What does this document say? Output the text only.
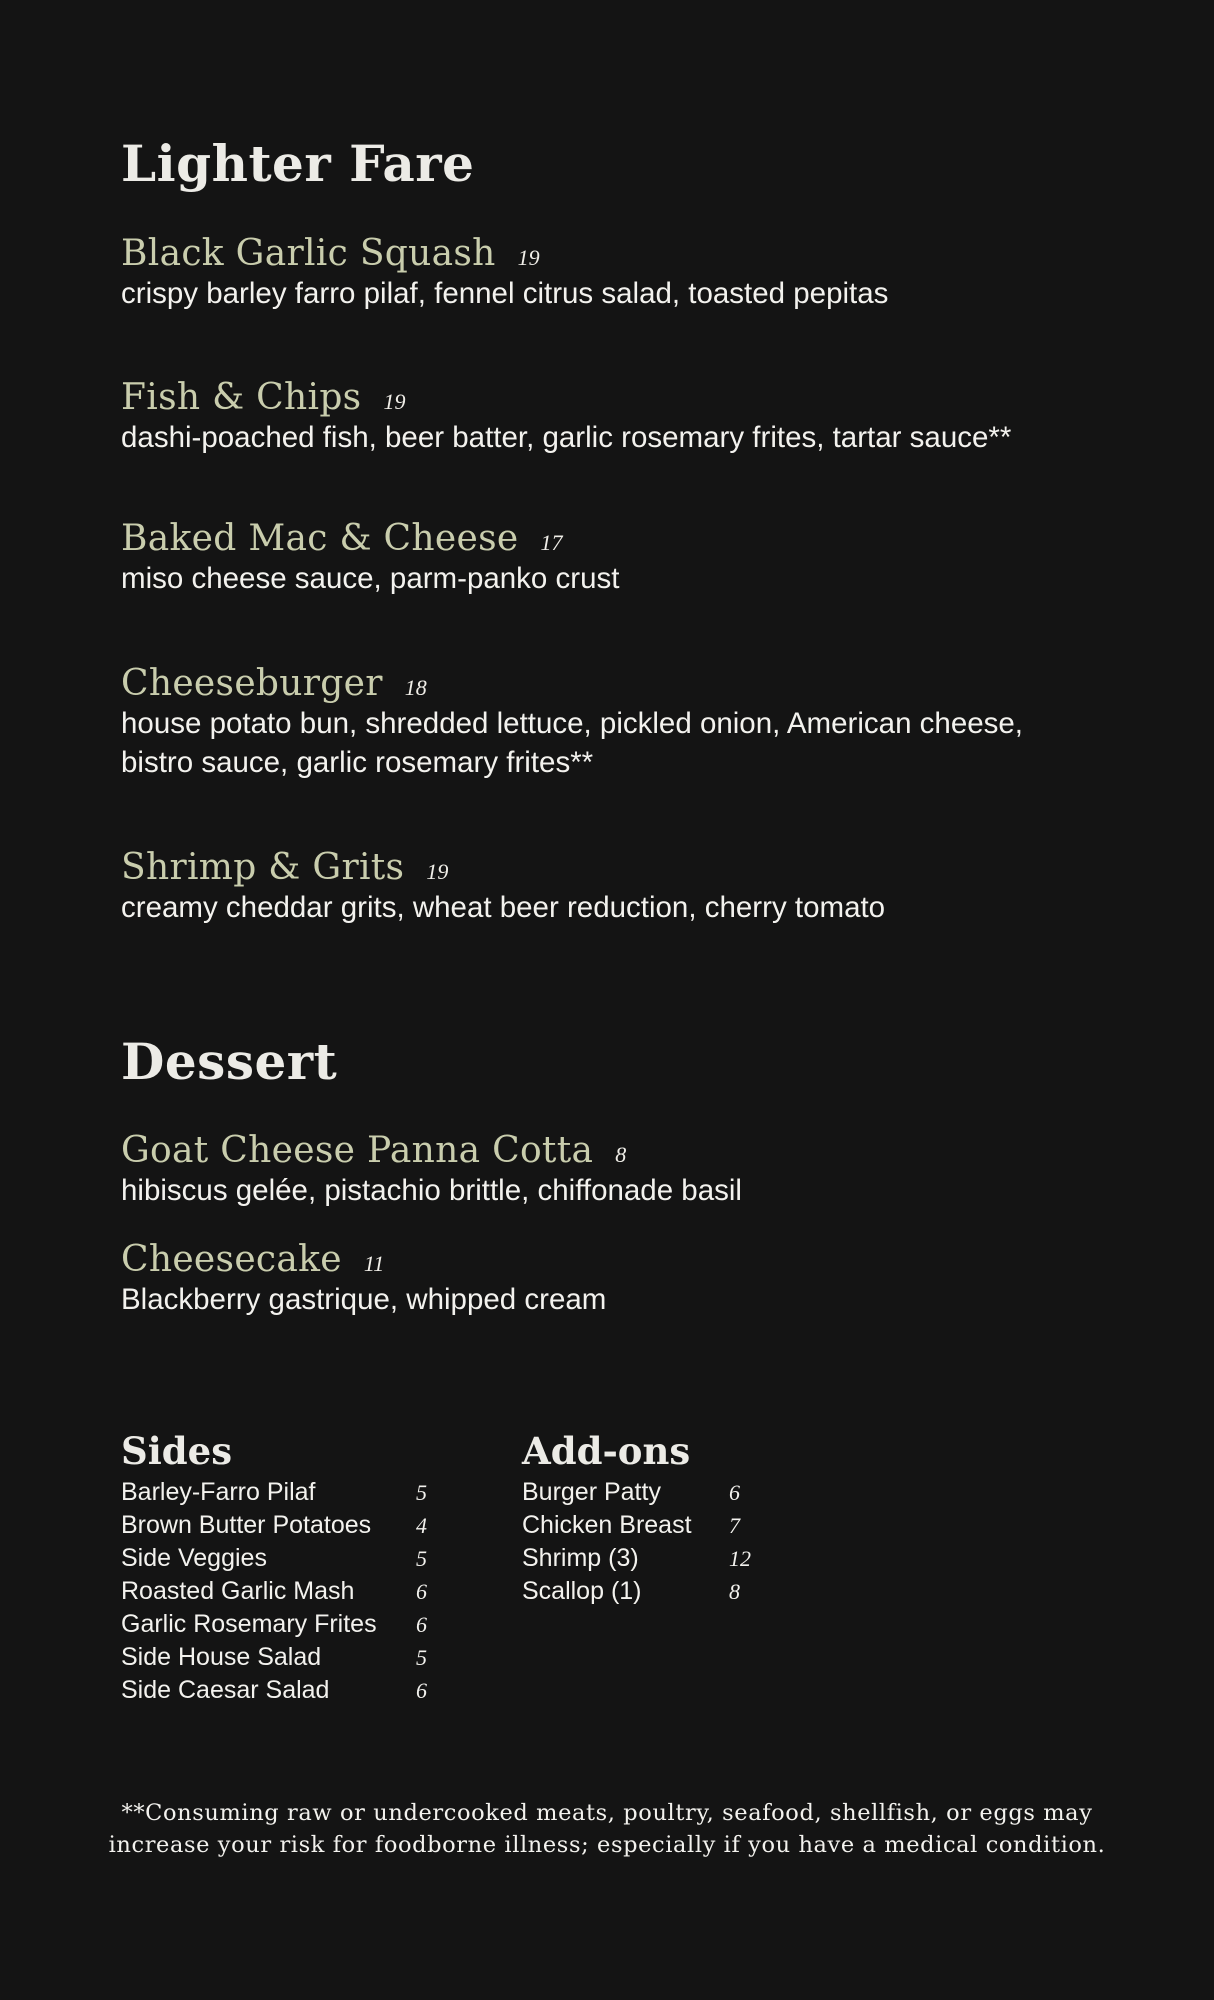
Lighter Fare
Black Garlic Squash 19
crispy barley farro pilaf, fennel citrus salad, toasted pepitas
Fish & Chips 19
dashi-poached fish, beer batter, garlic rosemary frites, tartar sauce**
Baked Mac & Cheese 17
miso cheese sauce, parm-panko crust
Cheeseburger 18
house potato bun, shredded lettuce, pickled onion, American cheese,
bistro sauce, garlic rosemary frites**
Shrimp & Grits 19
creamy cheddar grits, wheat beer reduction, cherry tomato
Dessert
Goat Cheese Panna Cotta 8
hibiscus gelée, pistachio brittle, chiffonade basil
Cheesecake 11
Blackberry gastrique, whipped cream
Sides
Barley-Farro Pilaf	5
Brown Butter Potatoes 4
Side Veggies	5
Roasted Garlic Mash	6
Garlic Rosemary Frites 6
Side House Salad	5
Side Caesar Salad	6
Add-ons
Burger Patty	6
Chicken Breast 7
Shrimp (3)	12
Scallop (1)	8
**Consuming raw or undercooked meats, poultry, seafood, shellfish, or eggs may
increase your risk for foodborne illness; especially if you have a medical condition.
